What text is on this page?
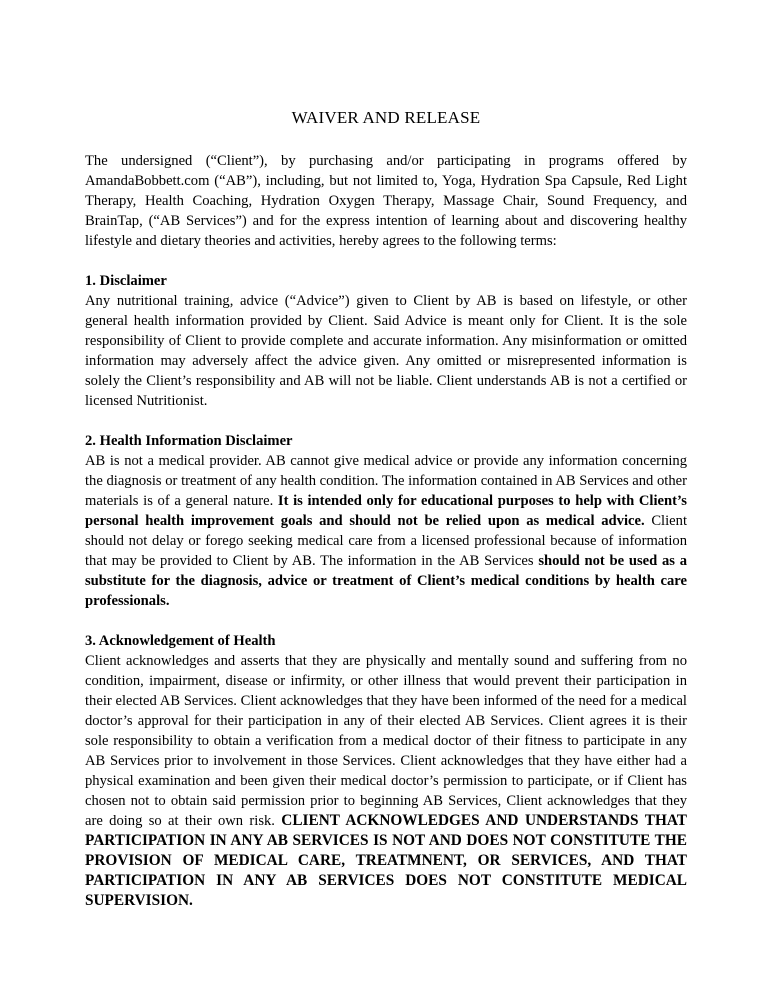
WAIVER AND RELEASE

The undersigned (“Client”), by purchasing and/or participating in programs offered by AmandaBobbett.com (“AB”), including, but not limited to, Yoga, Hydration Spa Capsule, Red Light Therapy, Health Coaching, Hydration Oxygen Therapy, Massage Chair, Sound Frequency, and BrainTap, (“AB Services”) and for the express intention of learning about and discovering healthy lifestyle and dietary theories and activities, hereby agrees to the following terms:

1. Disclaimer

Any nutritional training, advice (“Advice”) given to Client by AB is based on lifestyle, or other general health information provided by Client. Said Advice is meant only for Client. It is the sole responsibility of Client to provide complete and accurate information. Any misinformation or omitted information may adversely affect the advice given. Any omitted or misrepresented information is solely the Client’s responsibility and AB will not be liable. Client understands AB is not a certified or licensed Nutritionist.

2. Health Information Disclaimer

AB is not a medical provider. AB cannot give medical advice or provide any information concerning the diagnosis or treatment of any health condition. The information contained in AB Services and other materials is of a general nature. It is intended only for educational purposes to help with Client’s personal health improvement goals and should not be relied upon as medical advice. Client should not delay or forego seeking medical care from a licensed professional because of information that may be provided to Client by AB. The information in the AB Services should not be used as a substitute for the diagnosis, advice or treatment of Client’s medical conditions by health care professionals.

3. Acknowledgement of Health

Client acknowledges and asserts that they are physically and mentally sound and suffering from no condition, impairment, disease or infirmity, or other illness that would prevent their participation in their elected AB Services. Client acknowledges that they have been informed of the need for a medical doctor’s approval for their participation in any of their elected AB Services. Client agrees it is their sole responsibility to obtain a verification from a medical doctor of their fitness to participate in any AB Services prior to involvement in those Services. Client acknowledges that they have either had a physical examination and been given their medical doctor’s permission to participate, or if Client has chosen not to obtain said permission prior to beginning AB Services, Client acknowledges that they are doing so at their own risk. CLIENT ACKNOWLEDGES AND UNDERSTANDS THAT PARTICIPATION IN ANY AB SERVICES IS NOT AND DOES NOT CONSTITUTE THE PROVISION OF MEDICAL CARE, TREATMNENT, OR SERVICES, AND THAT PARTICIPATION IN ANY AB SERVICES DOES NOT CONSTITUTE MEDICAL SUPERVISION.
